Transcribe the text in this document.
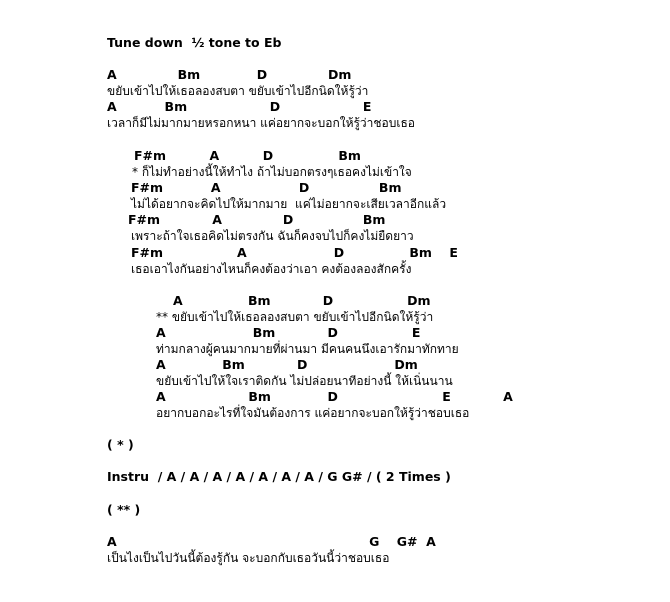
Tune down  ½ tone to Eb
A              Bm             D              Dm
ขยับเข้าไปให้เธอลองสบตา ขยับเข้าไปอีกนิดให้รู้ว่า
A           Bm                   D                   E
เวลาก็มีไม่มากมายหรอกหนา แค่อยากจะบอกให้รู้ว่าชอบเธอ
F#m          A          D               Bm
* ก็ไม่ทำอย่างนี้ให้ทำไง ถ้าไม่บอกตรงๆเธอคงไม่เข้าใจ
F#m           A                  D                Bm
ไม่ได้อยากจะคิดไปให้มากมาย  แค่ไม่อยากจะเสียเวลาอีกแล้ว
F#m            A              D                Bm
เพราะถ้าใจเธอคิดไม่ตรงกัน ฉันก็คงจบไปก็คงไม่ยืดยาว
F#m                 A                    D               Bm    E
เธอเอาไงกันอย่างไหนก็คงต้องว่าเอา คงต้องลองสักครั้ง
A               Bm            D                 Dm
** ขยับเข้าไปให้เธอลองสบตา ขยับเข้าไปอีกนิดให้รู้ว่า
A                    Bm            D                 E
ท่ามกลางผู้คนมากมายที่ผ่านมา มีคนคนนึงเอารักมาทักทาย
A             Bm            D                    Dm
ขยับเข้าไปให้ใจเราติดกัน ไม่ปล่อยนาทีอย่างนี้ ให้เนิ่นนาน
A                   Bm             D                        E            A
อยากบอกอะไรที่ใจมันต้องการ แค่อยากจะบอกให้รู้ว่าชอบเธอ
( * )
Instru  / A / A / A / A / A / A / A / G G# / ( 2 Times )
( ** )
A                                                          G    G#  A
เป็นไงเป็นไปวันนี้ต้องรู้กัน จะบอกกับเธอวันนี้ว่าชอบเธอ
